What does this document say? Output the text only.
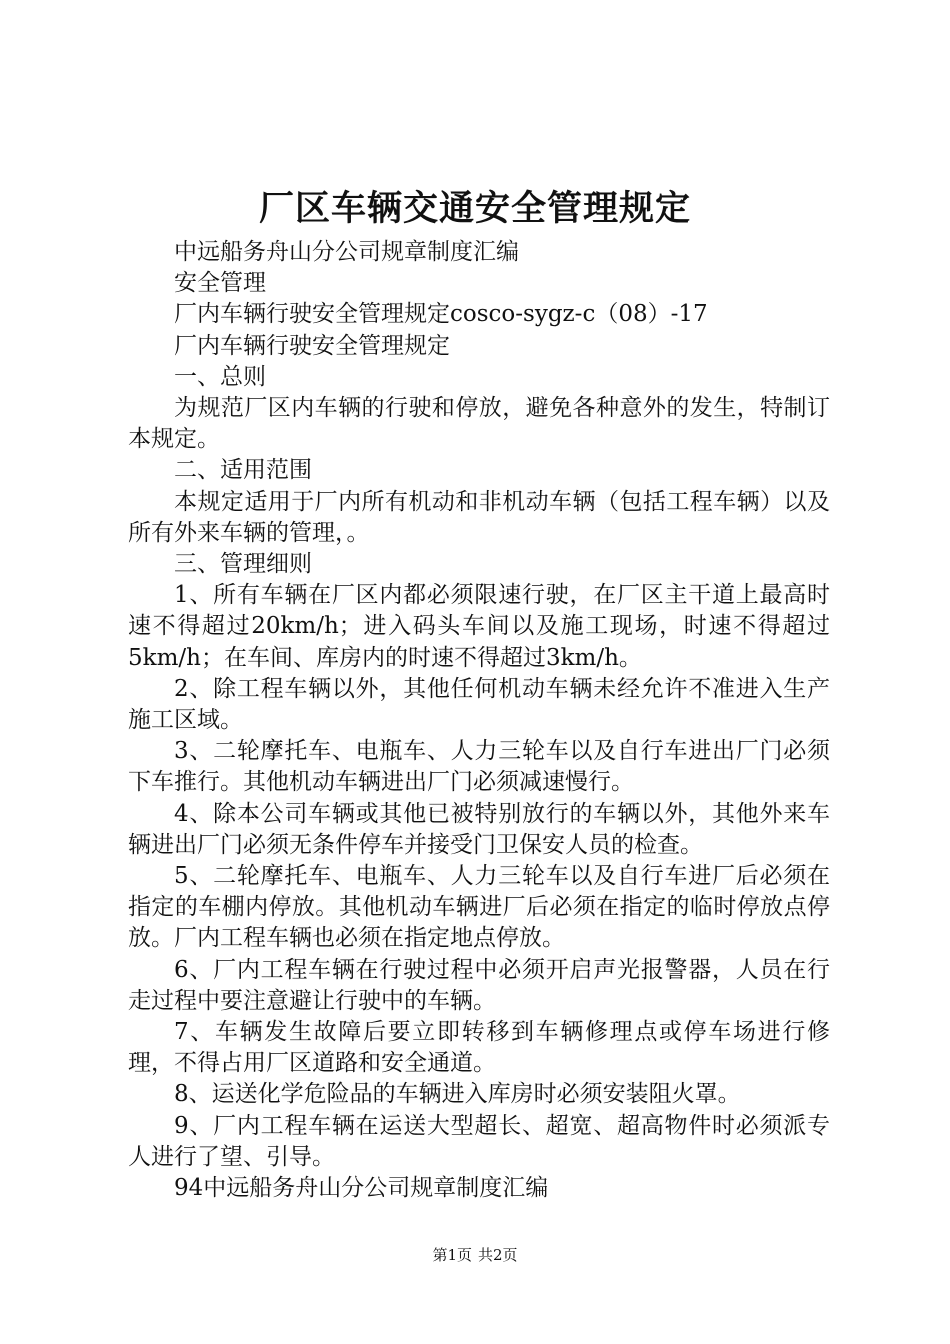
厂区车辆交通安全管理规定

中远船务舟山分公司规章制度汇编

安全管理

厂内车辆行驶安全管理规定cosco-sygz-c（08）-17

厂内车辆行驶安全管理规定

一、总则

为规范厂区内车辆的行驶和停放，避免各种意外的发生，特制订本规定。

二、适用范围

本规定适用于厂内所有机动和非机动车辆（包括工程车辆）以及所有外来车辆的管理，。

三、管理细则

1、所有车辆在厂区内都必须限速行驶，在厂区主干道上最高时速不得超过20km/h；进入码头车间以及施工现场，时速不得超过5km/h；在车间、库房内的时速不得超过3km/h。

2、除工程车辆以外，其他任何机动车辆未经允许不准进入生产施工区域。

3、二轮摩托车、电瓶车、人力三轮车以及自行车进出厂门必须下车推行。其他机动车辆进出厂门必须减速慢行。

4、除本公司车辆或其他已被特别放行的车辆以外，其他外来车辆进出厂门必须无条件停车并接受门卫保安人员的检查。

5、二轮摩托车、电瓶车、人力三轮车以及自行车进厂后必须在指定的车棚内停放。其他机动车辆进厂后必须在指定的临时停放点停放。厂内工程车辆也必须在指定地点停放。

6、厂内工程车辆在行驶过程中必须开启声光报警器，人员在行走过程中要注意避让行驶中的车辆。

7、车辆发生故障后要立即转移到车辆修理点或停车场进行修理，不得占用厂区道路和安全通道。

8、运送化学危险品的车辆进入库房时必须安装阻火罩。

9、厂内工程车辆在运送大型超长、超宽、超高物件时必须派专人进行了望、引导。

94中远船务舟山分公司规章制度汇编

第1页 共2页
